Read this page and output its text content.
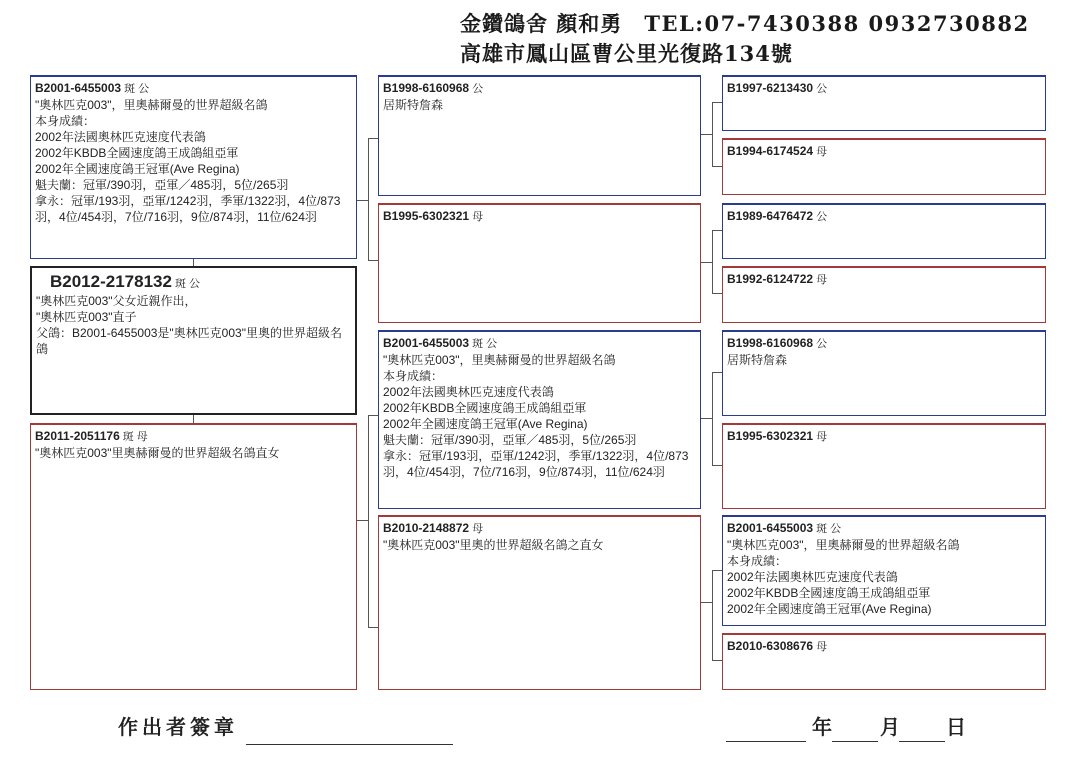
金鑽鴿舍 顏和勇 TEL:07-7430388 0932730882
高雄市鳳山區曹公里光復路134號
B2001-6455003 斑 公
"奧林匹克003"，里奧赫爾曼的世界超級名鴿
本身成績：
2002年法國奧林匹克速度代表鴿
2002年KBDB全國速度鴿王成鴿組亞軍
2002年全國速度鴿王冠軍(Ave Regina)
魁夫蘭：冠軍/390羽，亞軍／485羽，5位/265羽
拿永：冠軍/193羽，亞軍/1242羽，季軍/1322羽，4位/873羽，4位/454羽，7位/716羽，9位/874羽，11位/624羽
B2012-2178132 斑 公
"奧林匹克003"父女近親作出，
"奧林匹克003"直子
父鴿：B2001-6455003是"奧林匹克003"里奧的世界超級名鴿
B2011-2051176 斑 母
"奧林匹克003"里奧赫爾曼的世界超級名鴿直女
B1998-6160968 公
居斯特詹森
B1995-6302321 母
B2001-6455003 斑 公
"奧林匹克003"，里奧赫爾曼的世界超級名鴿
本身成績：
2002年法國奧林匹克速度代表鴿
2002年KBDB全國速度鴿王成鴿組亞軍
2002年全國速度鴿王冠軍(Ave Regina)
魁夫蘭：冠軍/390羽，亞軍／485羽，5位/265羽
拿永：冠軍/193羽，亞軍/1242羽，季軍/1322羽，4位/873羽，4位/454羽，7位/716羽，9位/874羽，11位/624羽
B2010-2148872 母
"奧林匹克003"里奧的世界超級名鴿之直女
B1997-6213430 公
B1994-6174524 母
B1989-6476472 公
B1992-6124722 母
B1998-6160968 公
居斯特詹森
B1995-6302321 母
B2001-6455003 斑 公
"奧林匹克003"，里奧赫爾曼的世界超級名鴿
本身成績：
2002年法國奧林匹克速度代表鴿
2002年KBDB全國速度鴿王成鴿組亞軍
2002年全國速度鴿王冠軍(Ave Regina)
B2010-6308676 母
作出者簽章	年 月 日
